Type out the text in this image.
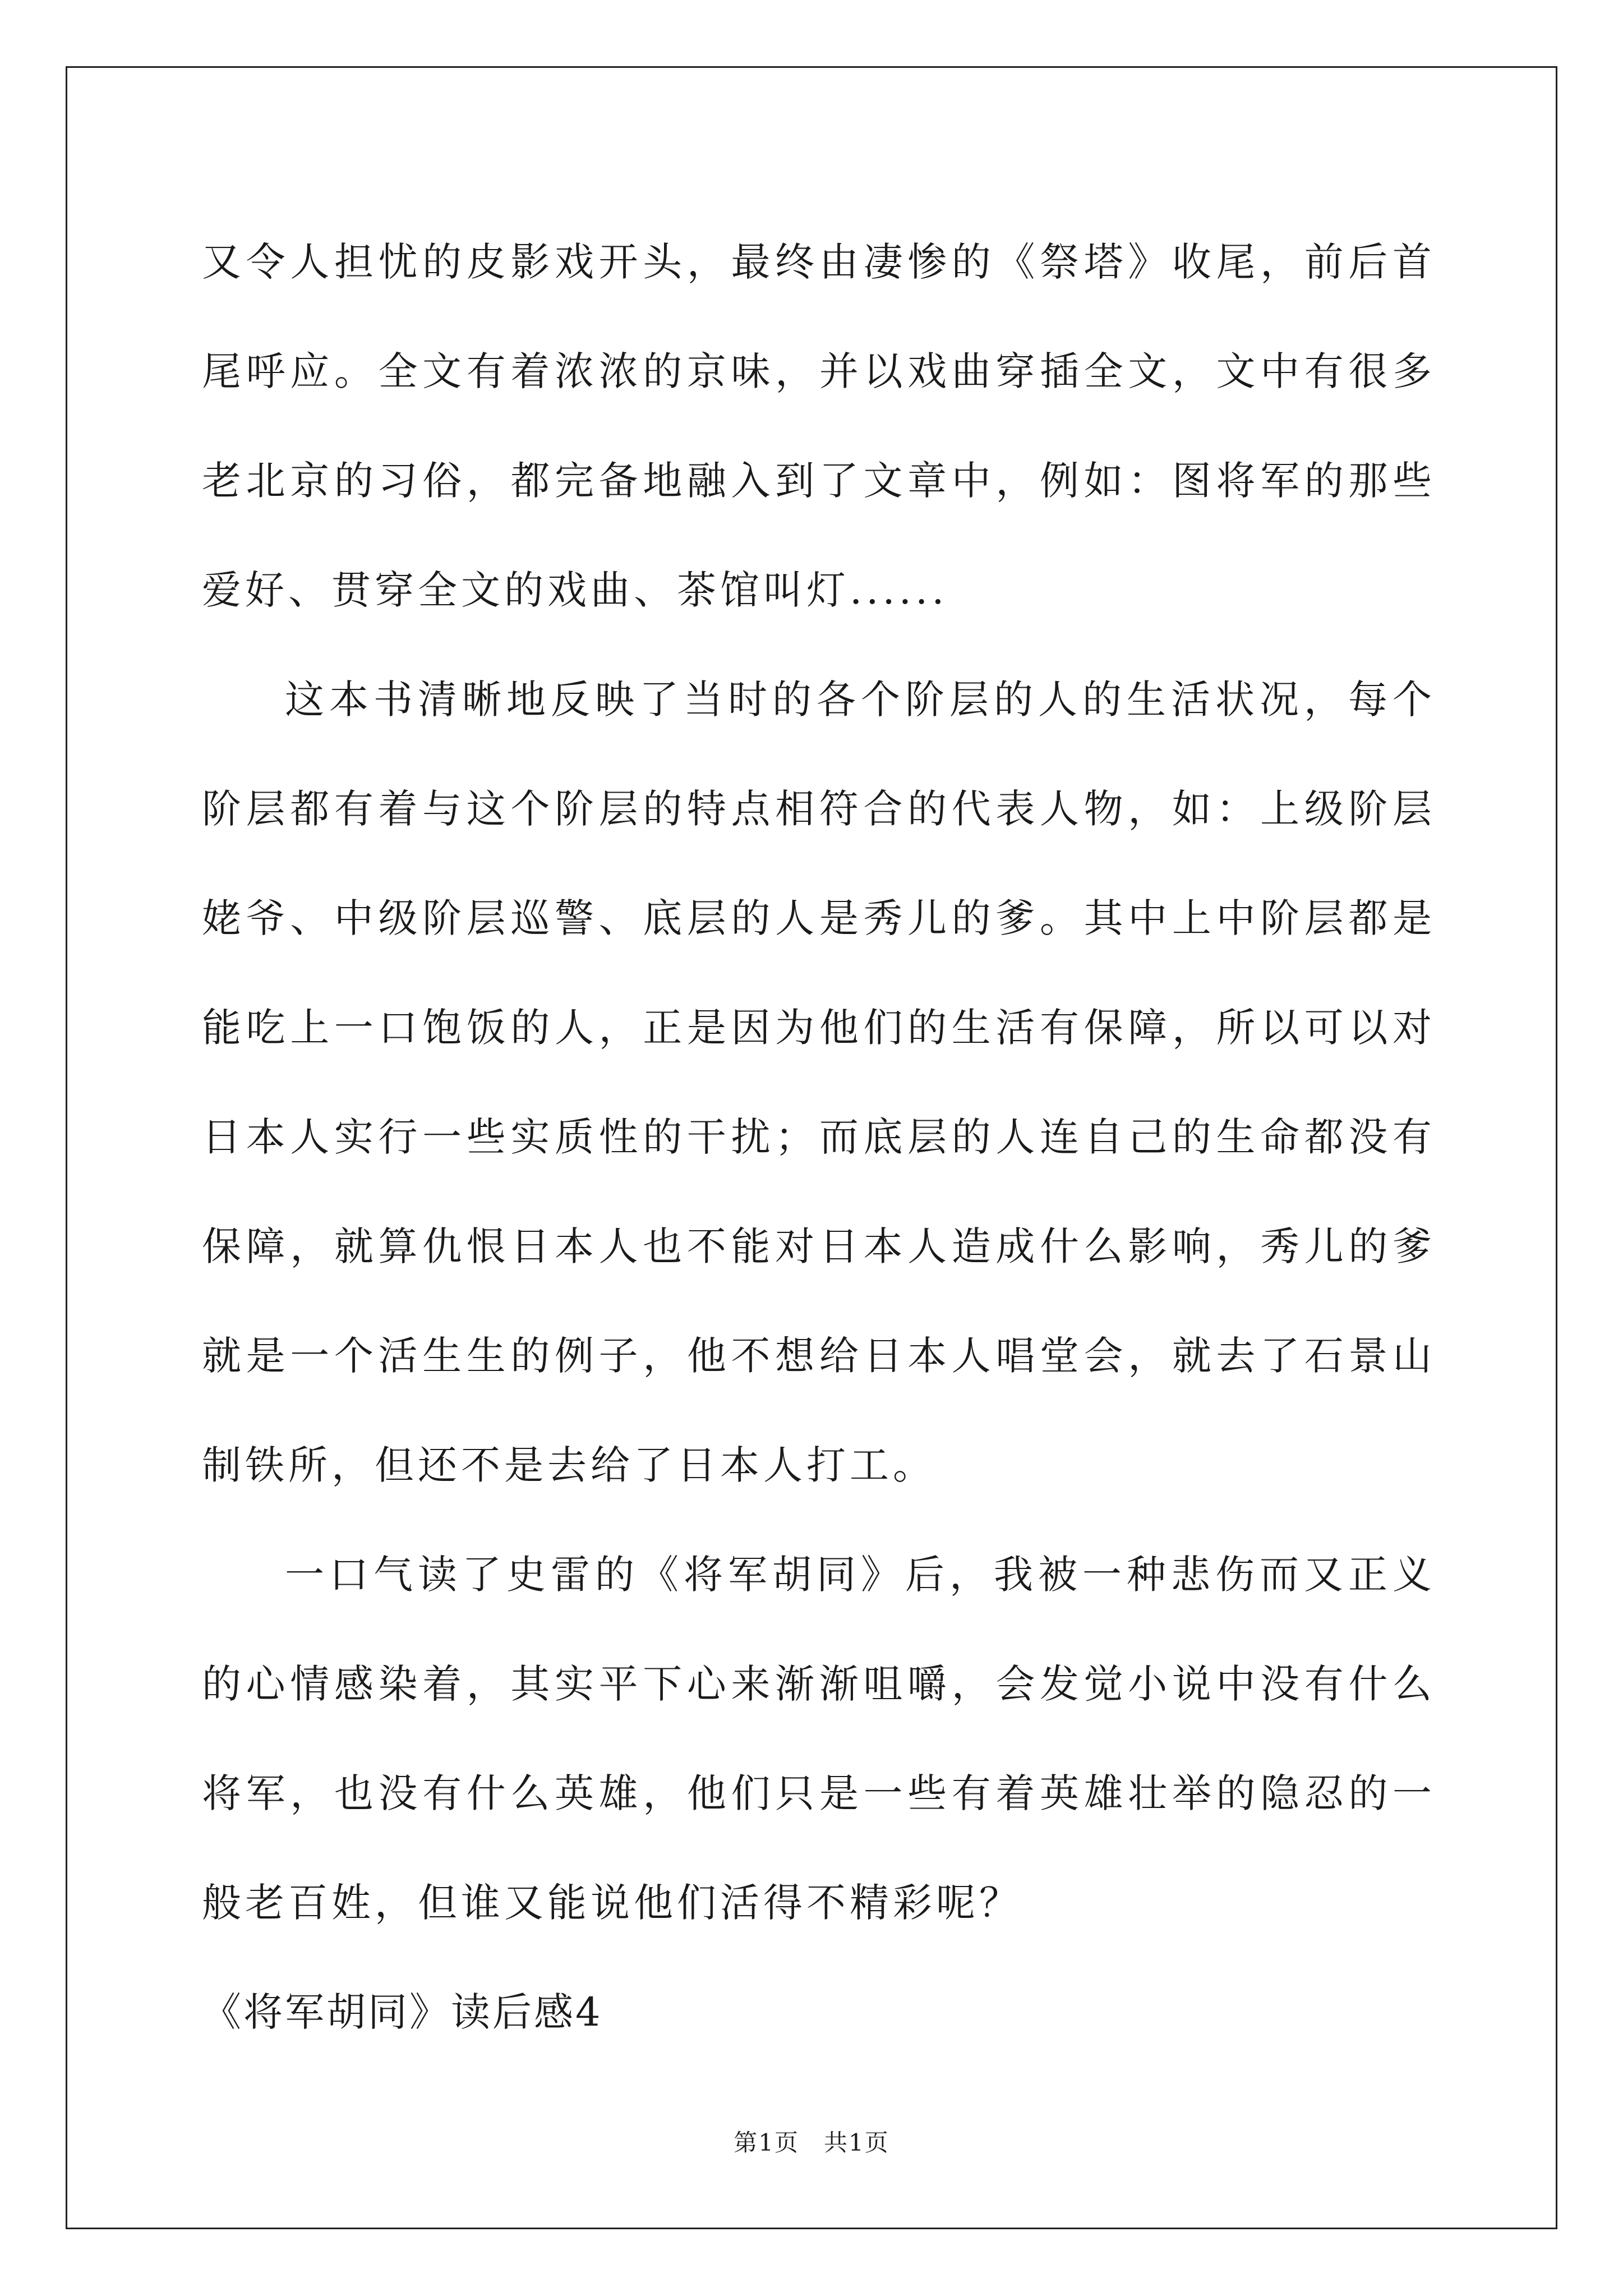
又令人担忧的皮影戏开头，最终由凄惨的《祭塔》收尾，前后首尾呼应。全文有着浓浓的京味，并以戏曲穿插全文，文中有很多老北京的习俗，都完备地融入到了文章中，例如：图将军的那些爱好、贯穿全文的戏曲、茶馆叫灯......

这本书清晰地反映了当时的各个阶层的人的生活状况，每个阶层都有着与这个阶层的特点相符合的代表人物，如：上级阶层姥爷、中级阶层巡警、底层的人是秀儿的爹。其中上中阶层都是能吃上一口饱饭的人，正是因为他们的生活有保障，所以可以对日本人实行一些实质性的干扰；而底层的人连自己的生命都没有保障，就算仇恨日本人也不能对日本人造成什么影响，秀儿的爹就是一个活生生的例子，他不想给日本人唱堂会，就去了石景山制铁所，但还不是去给了日本人打工。

一口气读了史雷的《将军胡同》后，我被一种悲伤而又正义的心情感染着，其实平下心来渐渐咀嚼，会发觉小说中没有什么将军，也没有什么英雄，他们只是一些有着英雄壮举的隐忍的一般老百姓，但谁又能说他们活得不精彩呢？

《将军胡同》读后感4

第1页　共1页
